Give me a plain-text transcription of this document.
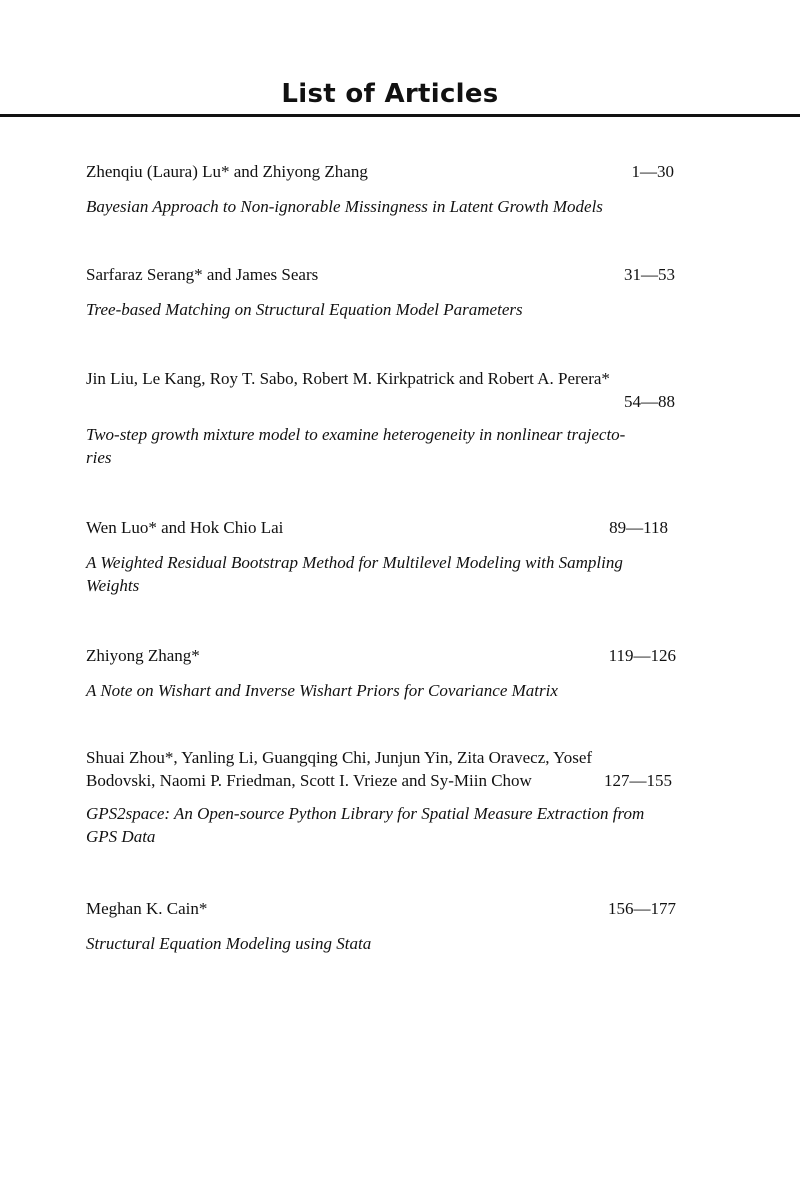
List of Articles
Zhenqiu (Laura) Lu* and Zhiyong Zhang	1—30
Bayesian Approach to Non-ignorable Missingness in Latent Growth Models
Sarfaraz Serang* and James Sears	31—53
Tree-based Matching on Structural Equation Model Parameters
Jin Liu, Le Kang, Roy T. Sabo, Robert M. Kirkpatrick and Robert A. Perera*
54—88
Two-step growth mixture model to examine heterogeneity in nonlinear trajecto-
ries
Wen Luo* and Hok Chio Lai	89—118
A Weighted Residual Bootstrap Method for Multilevel Modeling with Sampling
Weights
Zhiyong Zhang*	119—126
A Note on Wishart and Inverse Wishart Priors for Covariance Matrix
Shuai Zhou*, Yanling Li, Guangqing Chi, Junjun Yin, Zita Oravecz, Yosef
Bodovski, Naomi P. Friedman, Scott I. Vrieze and Sy-Miin Chow	127—155
GPS2space: An Open-source Python Library for Spatial Measure Extraction from
GPS Data
Meghan K. Cain*	156—177
Structural Equation Modeling using Stata
